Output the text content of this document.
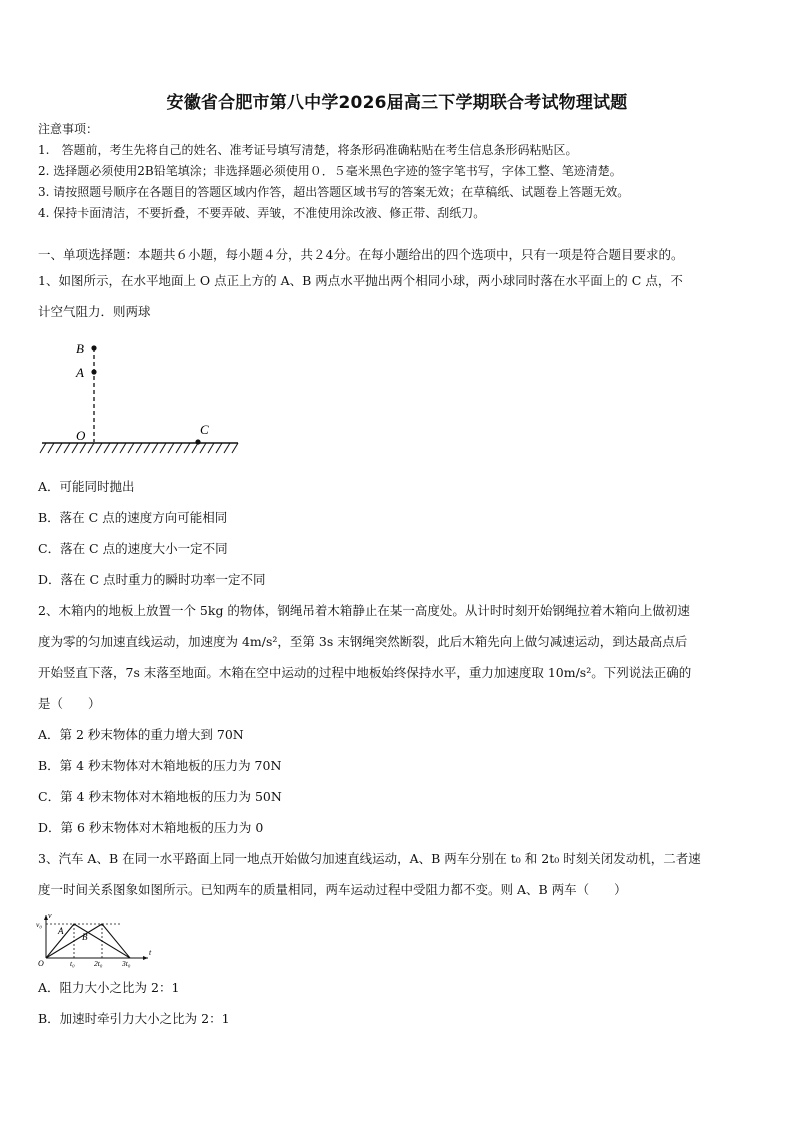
安徽省合肥市第八中学2026届高三下学期联合考试物理试题
注意事项：
1.　答题前，考生先将自己的姓名、准考证号填写清楚，将条形码准确粘贴在考生信息条形码粘贴区。
2. 选择题必须使用2B铅笔填涂；非选择题必须使用０．５毫米黑色字迹的签字笔书写，字体工整、笔迹清楚。
3. 请按照题号顺序在各题目的答题区域内作答，超出答题区域书写的答案无效；在草稿纸、试题卷上答题无效。
4. 保持卡面清洁，不要折叠，不要弄破、弄皱，不准使用涂改液、修正带、刮纸刀。
一、单项选择题：本题共６小题，每小题４分，共２4分。在每小题给出的四个选项中，只有一项是符合题目要求的。
1、如图所示，在水平地面上 O 点正上方的 A、B 两点水平抛出两个相同小球，两小球同时落在水平面上的 C 点，不
计空气阻力．则两球
B
A
O	C
A．可能同时抛出
B．落在 C 点的速度方向可能相同
C．落在 C 点的速度大小一定不同
D．落在 C 点时重力的瞬时功率一定不同
2、木箱内的地板上放置一个 5kg 的物体，钢绳吊着木箱静止在某一高度处。从计时时刻开始钢绳拉着木箱向上做初速
度为零的匀加速直线运动，加速度为 4m/s²，至第 3s 末钢绳突然断裂，此后木箱先向上做匀减速运动，到达最高点后
开始竖直下落，7s 末落至地面。木箱在空中运动的过程中地板始终保持水平，重力加速度取 10m/s²。下列说法正确的
是（　　）
A．第 2 秒末物体的重力增大到 70N
B．第 4 秒末物体对木箱地板的压力为 70N
C．第 4 秒末物体对木箱地板的压力为 50N
D．第 6 秒末物体对木箱地板的压力为 0
3、汽车 A、B 在同一水平路面上同一地点开始做匀加速直线运动，A、B 两车分别在 t₀ 和 2t₀ 时刻关闭发动机，二者速
度一时间关系图象如图所示。已知两车的质量相同，两车运动过程中受阻力都不变。则 A、B 两车（　　）
v
t
v₀
O
A
B
t₀	2t₀	3t₀
A．阻力大小之比为 2：1
B．加速时牵引力大小之比为 2：1
